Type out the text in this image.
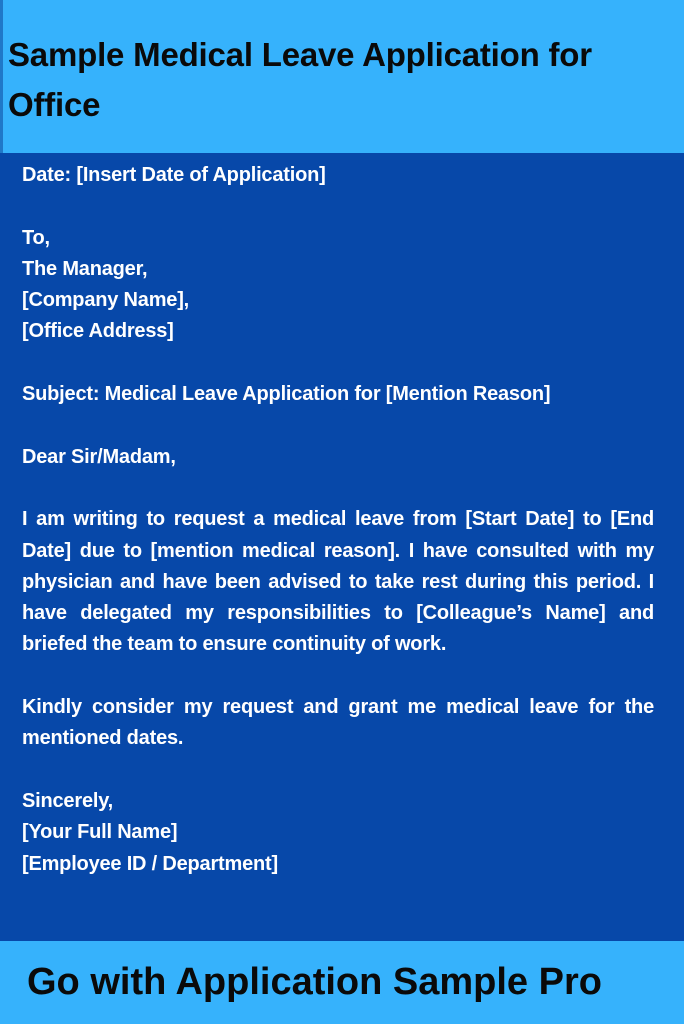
Sample Medical Leave Application for Office
Date: [Insert Date of Application]
To,
The Manager,
[Company Name],
[Office Address]
Subject: Medical Leave Application for [Mention Reason]
Dear Sir/Madam,

I am writing to request a medical leave from [Start Date] to [End Date] due to [mention medical reason]. I have consulted with my physician and have been advised to take rest during this period. I have delegated my responsibilities to [Colleague’s Name] and briefed the team to ensure continuity of work.

Kindly consider my request and grant me medical leave for the mentioned dates.

Sincerely,
[Your Full Name]
[Employee ID / Department]
Go with Application Sample Pro
